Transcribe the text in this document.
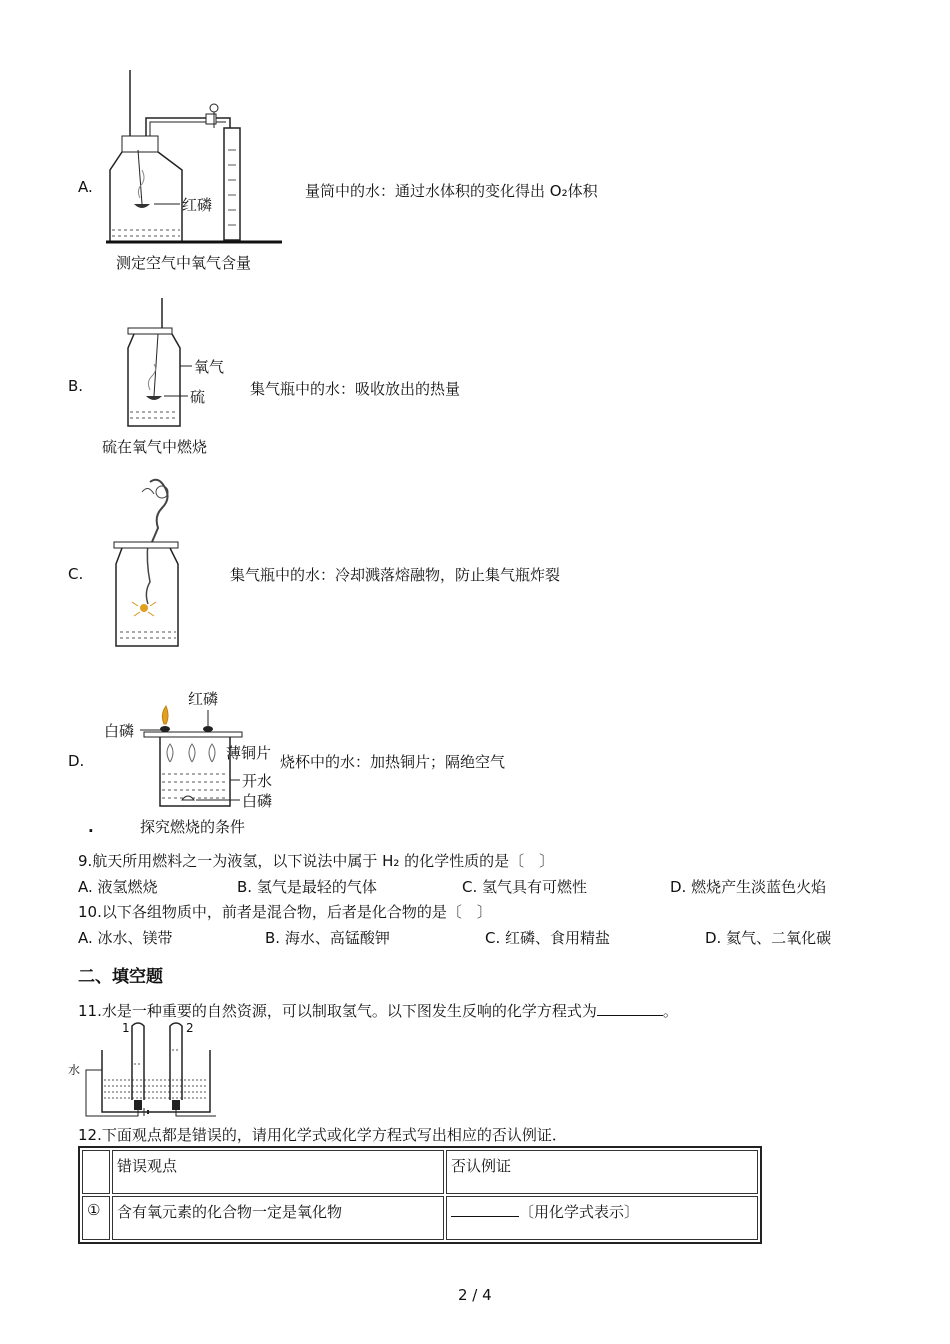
A.
红磷
测定空气中氧气含量
量筒中的水：通过水体积的变化得出 O₂体积
B.
氧气
硫
硫在氧气中燃烧
集气瓶中的水：吸收放出的热量
C.	集气瓶中的水：冷却溅落熔融物，防止集气瓶炸裂
D.
红磷
白磷
薄铜片
开水
白磷
探究燃烧的条件
烧杯中的水：加热铜片；隔绝空气
.
9.航天所用燃料之一为液氢，以下说法中属于 H₂ 的化学性质的是〔　〕
A. 液氢燃烧	B. 氢气是最轻的气体	C. 氢气具有可燃性	D. 燃烧产生淡蓝色火焰
10.以下各组物质中，前者是混合物，后者是化合物的是〔　〕
A. 冰水、镁带	B. 海水、高锰酸钾	C. 红磷、食用精盐	D. 氦气、二氧化碳
二、填空题
11.水是一种重要的自然资源，可以制取氢气。以下图发生反响的化学方程式为	。
2
1
水
12.下面观点都是错误的，请用化学式或化学方程式写出相应的否认例证．
	错误观点	否认例证
①	含有氧元素的化合物一定是氧化物	〔用化学式表示〕
2 / 4
